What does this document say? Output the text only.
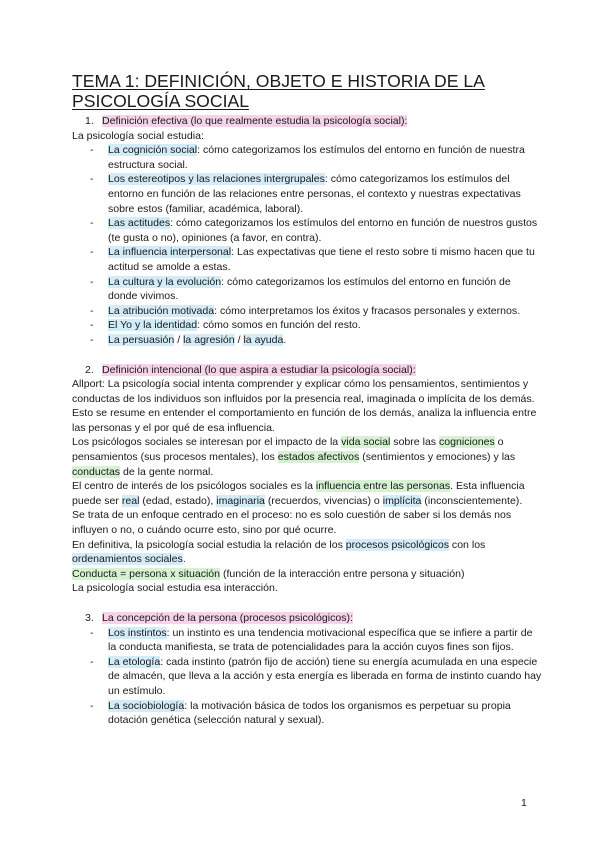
TEMA 1: DEFINICIÓN, OBJETO E HISTORIA DE LA PSICOLOGÍA SOCIAL

1. Definición efectiva (lo que realmente estudia la psicología social):

La psicología social estudia:

- La cognición social: cómo categorizamos los estímulos del entorno en función de nuestra estructura social.
- Los estereotipos y las relaciones intergrupales: cómo categorizamos los estímulos del entorno en función de las relaciones entre personas, el contexto y nuestras expectativas sobre estos (familiar, académica, laboral).
- Las actitudes: cómo categorizamos los estímulos del entorno en función de nuestros gustos (te gusta o no), opiniones (a favor, en contra).
- La influencia interpersonal: Las expectativas que tiene el resto sobre ti mismo hacen que tu actitud se amolde a estas.
- La cultura y la evolución: cómo categorizamos los estímulos del entorno en función de donde vivimos.
- La atribución motivada: cómo interpretamos los éxitos y fracasos personales y externos.
- El Yo y la identidad: cómo somos en función del resto.
- La persuasión / la agresión / la ayuda.

2. Definición intencional (lo que aspira a estudiar la psicología social):

Allport: La psicología social intenta comprender y explicar cómo los pensamientos, sentimientos y conductas de los individuos son influidos por la presencia real, imaginada o implícita de los demás. Esto se resume en entender el comportamiento en función de los demás, analiza la influencia entre las personas y el por qué de esa influencia.

Los psicólogos sociales se interesan por el impacto de la vida social sobre las cogniciones o pensamientos (sus procesos mentales), los estados afectivos (sentimientos y emociones) y las conductas de la gente normal.

El centro de interés de los psicólogos sociales es la influencia entre las personas. Esta influencia puede ser real (edad, estado), imaginaria (recuerdos, vivencias) o implícita (inconscientemente).

Se trata de un enfoque centrado en el proceso: no es solo cuestión de saber si los demás nos influyen o no, o cuándo ocurre esto, sino por qué ocurre.

En definitiva, la psicología social estudia la relación de los procesos psicológicos con los ordenamientos sociales.

Conducta = persona x situación (función de la interacción entre persona y situación)

La psicología social estudia esa interacción.

3. La concepción de la persona (procesos psicológicos):

- Los instintos: un instinto es una tendencia motivacional específica que se infiere a partir de la conducta manifiesta, se trata de potencialidades para la acción cuyos fines son fijos.
- La etología: cada instinto (patrón fijo de acción) tiene su energía acumulada en una especie de almacén, que lleva a la acción y esta energía es liberada en forma de instinto cuando hay un estímulo.
- La sociobiología: la motivación básica de todos los organismos es perpetuar su propia dotación genética (selección natural y sexual).
1
